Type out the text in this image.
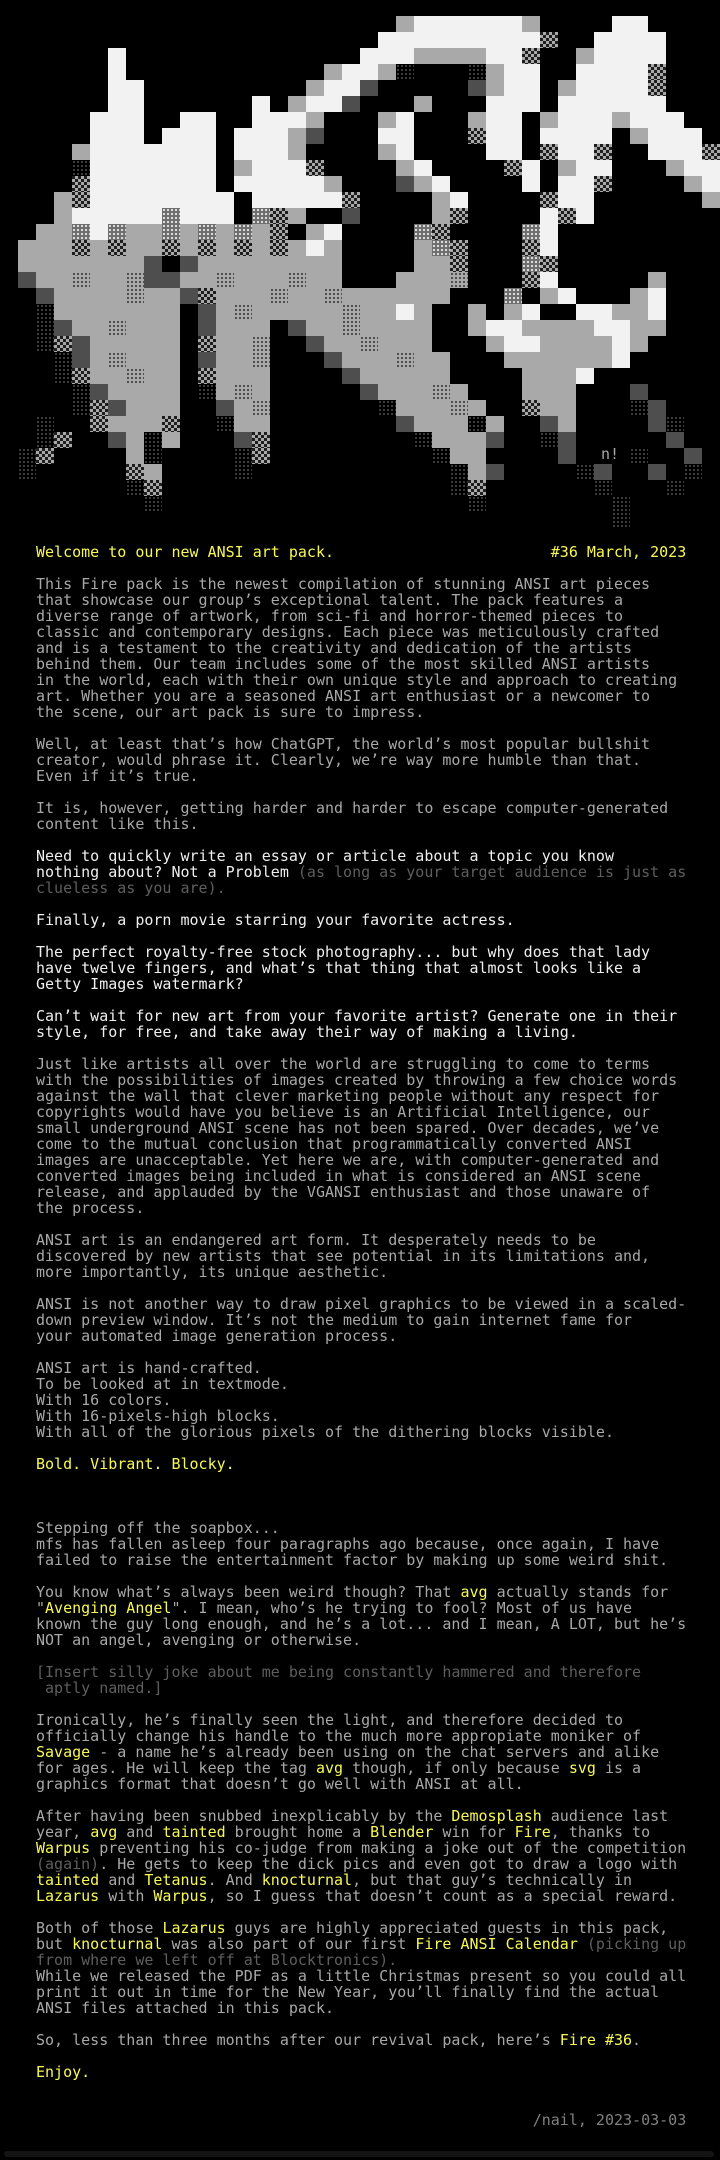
n!
Welcome to our new ANSI art pack.	#36 March, 2023
This Fire pack is the newest compilation of stunning ANSI art pieces
that showcase our group’s exceptional talent. The pack features a
diverse range of artwork, from sci-fi and horror-themed pieces to
classic and contemporary designs. Each piece was meticulously crafted
and is a testament to the creativity and dedication of the artists
behind them. Our team includes some of the most skilled ANSI artists
in the world, each with their own unique style and approach to creating
art. Whether you are a seasoned ANSI art enthusiast or a newcomer to
the scene, our art pack is sure to impress.
Well, at least that’s how ChatGPT, the world’s most popular bullshit
creator, would phrase it. Clearly, we’re way more humble than that.
Even if it’s true.
It is, however, getting harder and harder to escape computer-generated
content like this.
Need to quickly write an essay or article about a topic you know
nothing about? Not a Problem (as long as your target audience is just as
clueless as you are).
Finally, a porn movie starring your favorite actress.
The perfect royalty-free stock photography... but why does that lady
have twelve fingers, and what’s that thing that almost looks like a
Getty Images watermark?
Can’t wait for new art from your favorite artist? Generate one in their
style, for free, and take away their way of making a living.
Just like artists all over the world are struggling to come to terms
with the possibilities of images created by throwing a few choice words
against the wall that clever marketing people without any respect for
copyrights would have you believe is an Artificial Intelligence, our
small underground ANSI scene has not been spared. Over decades, we’ve
come to the mutual conclusion that programmatically converted ANSI
images are unacceptable. Yet here we are, with computer-generated and
converted images being included in what is considered an ANSI scene
release, and applauded by the VGANSI enthusiast and those unaware of
the process.
ANSI art is an endangered art form. It desperately needs to be
discovered by new artists that see potential in its limitations and,
more importantly, its unique aesthetic.
ANSI is not another way to draw pixel graphics to be viewed in a scaled-
down preview window. It’s not the medium to gain internet fame for
your automated image generation process.
ANSI art is hand-crafted.
To be looked at in textmode.
With 16 colors.
With 16-pixels-high blocks.
With all of the glorious pixels of the dithering blocks visible.
Bold. Vibrant. Blocky.
Stepping off the soapbox...
mfs has fallen asleep four paragraphs ago because, once again, I have
failed to raise the entertainment factor by making up some weird shit.
You know what’s always been weird though? That avg actually stands for
"Avenging Angel". I mean, who’s he trying to fool? Most of us have
known the guy long enough, and he’s a lot... and I mean, A LOT, but he’s
NOT an angel, avenging or otherwise.
[Insert silly joke about me being constantly hammered and therefore
aptly named.]
Ironically, he’s finally seen the light, and therefore decided to
officially change his handle to the much more appropiate moniker of
Savage - a name he’s already been using on the chat servers and alike
for ages. He will keep the tag avg though, if only because svg is a
graphics format that doesn’t go well with ANSI at all.
After having been snubbed inexplicably by the Demosplash audience last
year, avg and tainted brought home a Blender win for Fire, thanks to
Warpus preventing his co-judge from making a joke out of the competition
(again). He gets to keep the dick pics and even got to draw a logo with
tainted and Tetanus. And knocturnal, but that guy’s technically in
Lazarus with Warpus, so I guess that doesn’t count as a special reward.
Both of those Lazarus guys are highly appreciated guests in this pack,
but knocturnal was also part of our first Fire ANSI Calendar (picking up
from where we left off at Blocktronics).
While we released the PDF as a little Christmas present so you could all
print it out in time for the New Year, you’ll finally find the actual
ANSI files attached in this pack.
So, less than three months after our revival pack, here’s Fire #36.
Enjoy.
/nail, 2023-03-03
